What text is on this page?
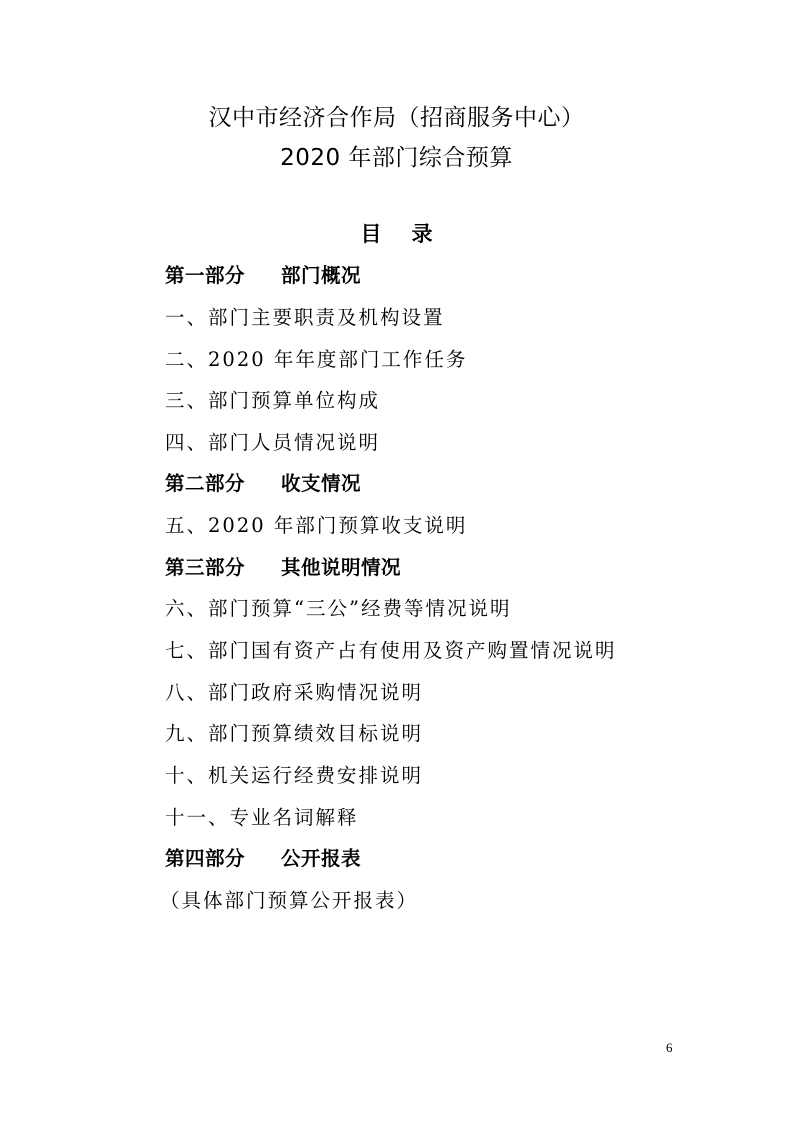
汉中市经济合作局（招商服务中心）
2020 年部门综合预算
目 录
第一部分 部门概况
一、部门主要职责及机构设置
二、2020 年年度部门工作任务
三、部门预算单位构成
四、部门人员情况说明
第二部分 收支情况
五、2020 年部门预算收支说明
第三部分 其他说明情况
六、部门预算“三公”经费等情况说明
七、部门国有资产占有使用及资产购置情况说明
八、部门政府采购情况说明
九、部门预算绩效目标说明
十、机关运行经费安排说明
十一、专业名词解释
第四部分 公开报表
（具体部门预算公开报表）
6
